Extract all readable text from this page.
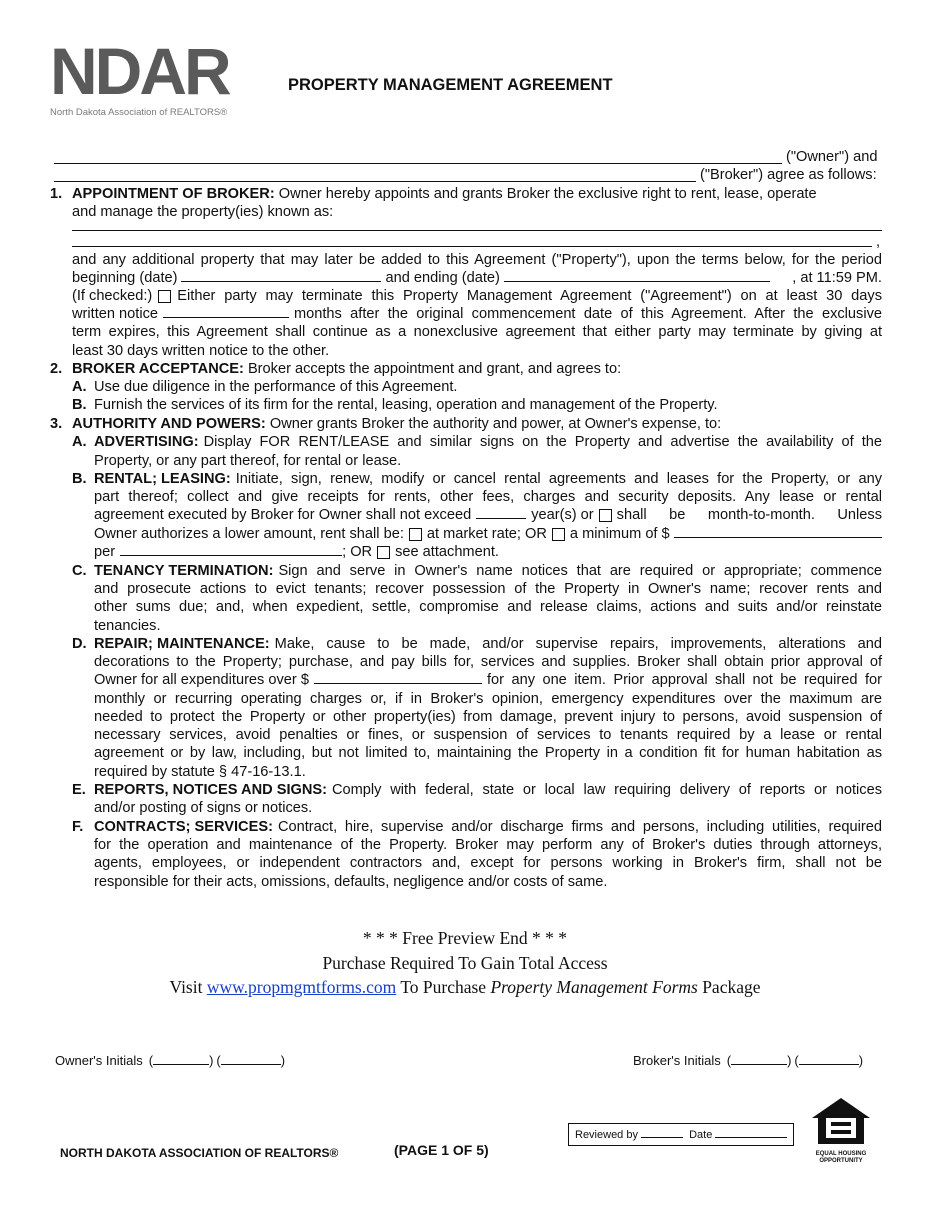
NDAR
North Dakota Association of REALTORS®
PROPERTY MANAGEMENT AGREEMENT
("Owner") and
("Broker") agree as follows:
1. APPOINTMENT OF BROKER: Owner hereby appoints and grants Broker the exclusive right to rent, lease, operate
and manage the property(ies) known as:
,
and any additional property that may later be added to this Agreement ("Property"), upon the terms below, for the period
beginning (date)	and ending (date)	, at 11:59 PM.
(If checked:) Either party may terminate this Property Management Agreement ("Agreement") on at least 30 days
written notice	months after the original commencement date of this Agreement. After the exclusive
term expires, this Agreement shall continue as a nonexclusive agreement that either party may terminate by giving at
least 30 days written notice to the other.
2. BROKER ACCEPTANCE: Broker accepts the appointment and grant, and agrees to:
A. Use due diligence in the performance of this Agreement.
B. Furnish the services of its firm for the rental, leasing, operation and management of the Property.
3. AUTHORITY AND POWERS: Owner grants Broker the authority and power, at Owner's expense, to:
A. ADVERTISING: Display FOR RENT/LEASE and similar signs on the Property and advertise the availability of the
Property, or any part thereof, for rental or lease.
B. RENTAL; LEASING: Initiate, sign, renew, modify or cancel rental agreements and leases for the Property, or any
part thereof; collect and give receipts for rents, other fees, charges and security deposits. Any lease or rental
agreement executed by Broker for Owner shall not exceed	year(s) or shall be month-to-month. Unless
Owner authorizes a lower amount, rent shall be: at market rate; OR a minimum of $
per	; OR see attachment.
C. TENANCY TERMINATION: Sign and serve in Owner's name notices that are required or appropriate; commence
and prosecute actions to evict tenants; recover possession of the Property in Owner's name; recover rents and
other sums due; and, when expedient, settle, compromise and release claims, actions and suits and/or reinstate
tenancies.
D. REPAIR; MAINTENANCE: Make, cause to be made, and/or supervise repairs, improvements, alterations and
decorations to the Property; purchase, and pay bills for, services and supplies. Broker shall obtain prior approval of
Owner for all expenditures over $	for any one item. Prior approval shall not be required for
monthly or recurring operating charges or, if in Broker's opinion, emergency expenditures over the maximum are
needed to protect the Property or other property(ies) from damage, prevent injury to persons, avoid suspension of
necessary services, avoid penalties or fines, or suspension of services to tenants required by a lease or rental
agreement or by law, including, but not limited to, maintaining the Property in a condition fit for human habitation as
required by statute § 47-16-13.1.
E. REPORTS, NOTICES AND SIGNS: Comply with federal, state or local law requiring delivery of reports or notices
and/or posting of signs or notices.
F. CONTRACTS; SERVICES: Contract, hire, supervise and/or discharge firms and persons, including utilities, required
for the operation and maintenance of the Property. Broker may perform any of Broker's duties through attorneys,
agents, employees, or independent contractors and, except for persons working in Broker's firm, shall not be
responsible for their acts, omissions, defaults, negligence and/or costs of same.
* * * Free Preview End * * *
Purchase Required To Gain Total Access
Visit www.propmgmtforms.com To Purchase Property Management Forms Package
Owner's Initials (	) (	)	Broker's Initials (	) (	)
Reviewed by	Date
NORTH DAKOTA ASSOCIATION OF REALTORS®	(PAGE 1 OF 5)	EQUAL HOUSING
OPPORTUNITY
